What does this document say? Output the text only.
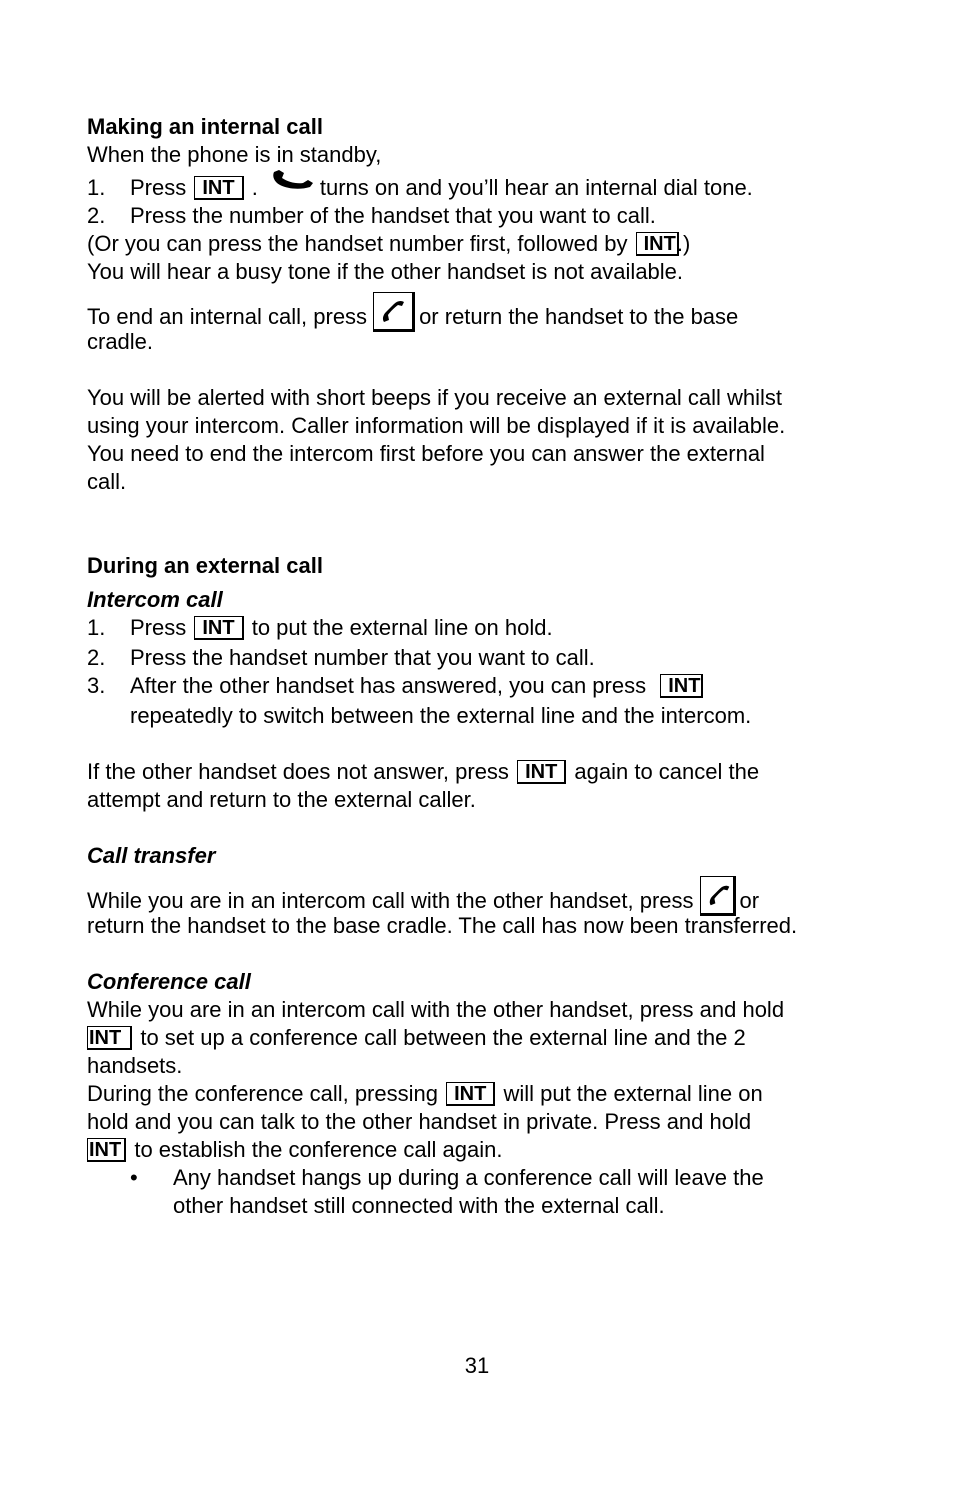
Making an internal call
When the phone is in standby,
1. Press INT .	turns on and you’ll hear an internal dial tone.
2. Press the number of the handset that you want to call.
(Or you can press the handset number first, followed by INT.)
You will hear a busy tone if the other handset is not available.
To end an internal call, press or return the handset to the base
cradle.
You will be alerted with short beeps if you receive an external call whilst
using your intercom. Caller information will be displayed if it is available.
You need to end the intercom first before you can answer the external
call.
During an external call
Intercom call
1. Press INT to put the external line on hold.
2. Press the handset number that you want to call.
3. After the other handset has answered, you can press INT
repeatedly to switch between the external line and the intercom.
If the other handset does not answer, press INT again to cancel the
attempt and return to the external caller.
Call transfer
While you are in an intercom call with the other handset, press or
return the handset to the base cradle. The call has now been transferred.
Conference call
While you are in an intercom call with the other handset, press and hold
INT to set up a conference call between the external line and the 2
handsets.
During the conference call, pressing INT will put the external line on
hold and you can talk to the other handset in private. Press and hold
INT to establish the conference call again.
•	Any handset hangs up during a conference call will leave the
other handset still connected with the external call.
31
